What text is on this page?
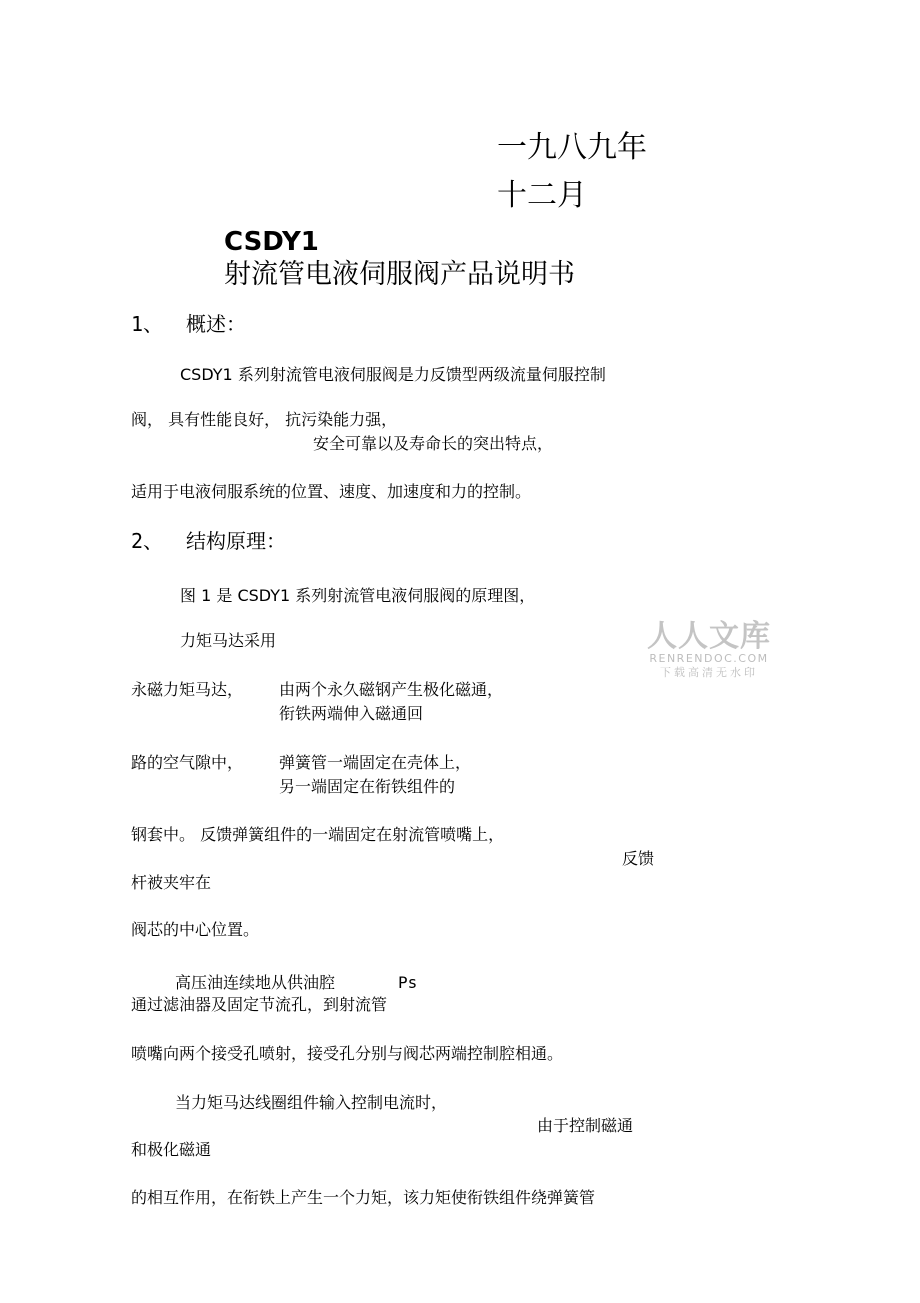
一九八九年
十二月
CSDY1
射流管电液伺服阀产品说明书
1、 概述：
CSDY1 系列射流管电液伺服阀是力反馈型两级流量伺服控制
阀， 具有性能良好， 抗污染能力强，
安全可靠以及寿命长的突出特点，
适用于电液伺服系统的位置、速度、加速度和力的控制。
2、 结构原理：
图 1 是 CSDY1 系列射流管电液伺服阀的原理图，
力矩马达采用
永磁力矩马达， 由两个永久磁钢产生极化磁通，
衔铁两端伸入磁通回
路的空气隙中， 弹簧管一端固定在壳体上，
另一端固定在衔铁组件的
钢套中。 反馈弹簧组件的一端固定在射流管喷嘴上，
反馈
杆被夹牢在
阀芯的中心位置。
高压油连续地从供油腔	Ps
通过滤油器及固定节流孔，到射流管
喷嘴向两个接受孔喷射，接受孔分别与阀芯两端控制腔相通。
当力矩马达线圈组件输入控制电流时，
由于控制磁通
和极化磁通
的相互作用，在衔铁上产生一个力矩，该力矩使衔铁组件绕弹簧管
人人文库
RENRENDOC.COM
下载高清无水印
